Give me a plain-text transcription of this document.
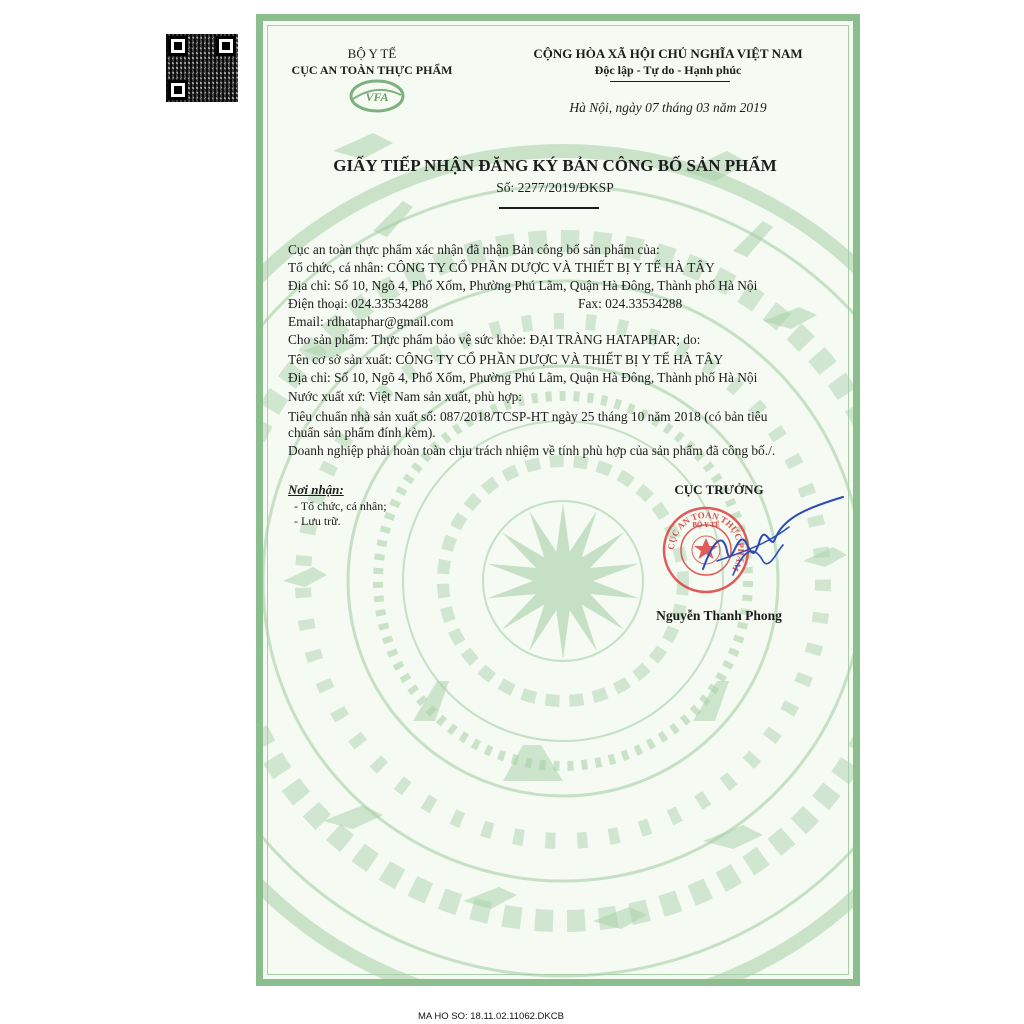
VFA
BỘ Y TẾ
CỤC AN TOÀN THỰC PHẨM
CỘNG HÒA XÃ HỘI CHỦ NGHĨA VIỆT NAM
Độc lập - Tự do - Hạnh phúc
Hà Nội, ngày 07 tháng 03 năm 2019
GIẤY TIẾP NHẬN ĐĂNG KÝ BẢN CÔNG BỐ SẢN PHẨM
Số: 2277/2019/ĐKSP
Cục an toàn thực phẩm xác nhận đã nhận Bản công bố sản phẩm của:
Tổ chức, cá nhân: CÔNG TY CỔ PHẦN DƯỢC VÀ THIẾT BỊ Y TẾ HÀ TÂY
Địa chỉ: Số 10, Ngõ 4, Phố Xốm, Phường Phú Lãm, Quận Hà Đông, Thành phố Hà Nội
Điện thoại: 024.33534288	Fax: 024.33534288
Email: rdhataphar@gmail.com
Cho sản phẩm: Thực phẩm bảo vệ sức khỏe: ĐẠI TRÀNG HATAPHAR; do:
Tên cơ sở sản xuất: CÔNG TY CỔ PHẦN DƯỢC VÀ THIẾT BỊ Y TẾ HÀ TÂY
Địa chỉ: Số 10, Ngõ 4, Phố Xốm, Phường Phú Lãm, Quận Hà Đông, Thành phố Hà Nội
Nước xuất xứ: Việt Nam sản xuất, phù hợp:
Tiêu chuẩn nhà sản xuất số: 087/2018/TCSP-HT ngày 25 tháng 10 năm 2018 (có bản tiêu
chuẩn sản phẩm đính kèm).
Doanh nghiệp phải hoàn toàn chịu trách nhiệm về tính phù hợp của sản phẩm đã công bố./.
Nơi nhận:
- Tổ chức, cá nhân;
- Lưu trữ.
CỤC TRƯỞNG
CỤC AN TOÀN THỰC PHẨM
BỘ Y TẾ
Nguyễn Thanh Phong
MA HO SO: 18.11.02.11062.DKCB
